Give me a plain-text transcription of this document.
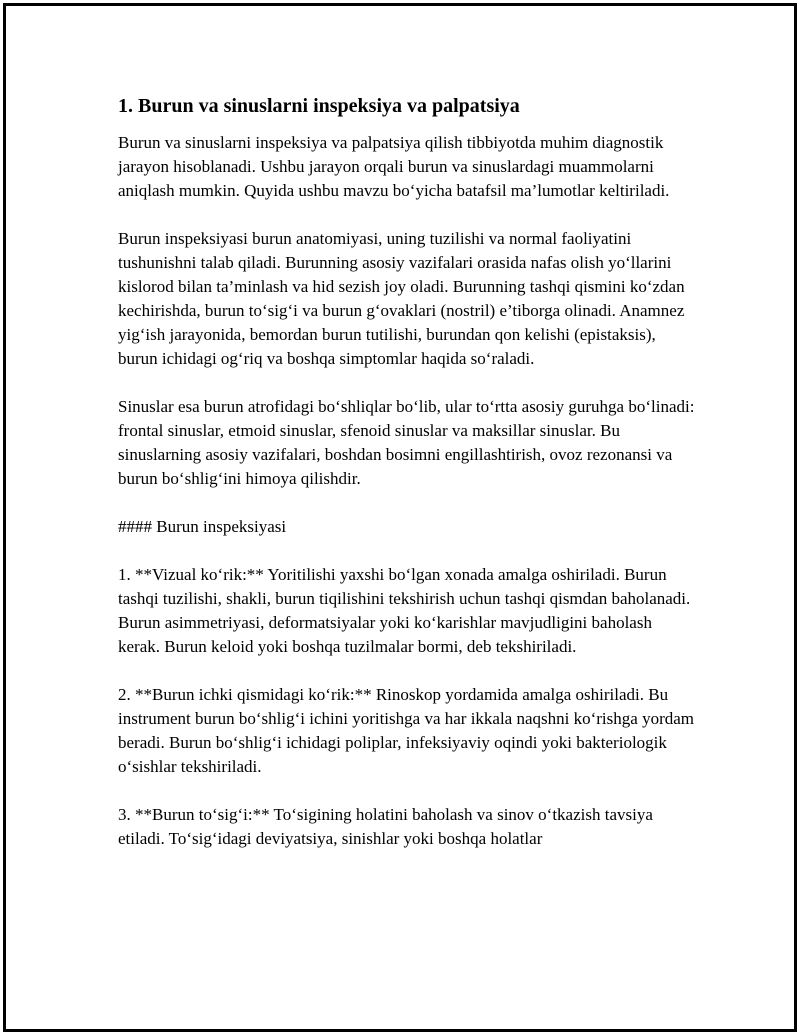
1. Burun va sinuslarni inspeksiya va palpatsiya

Burun va sinuslarni inspeksiya va palpatsiya qilish tibbiyotda muhim diagnostik jarayon hisoblanadi. Ushbu jarayon orqali burun va sinuslardagi muammolarni aniqlash mumkin. Quyida ushbu mavzu bo‘yicha batafsil ma’lumotlar keltiriladi.

Burun inspeksiyasi burun anatomiyasi, uning tuzilishi va normal faoliyatini tushunishni talab qiladi. Burunning asosiy vazifalari orasida nafas olish yo‘llarini kislorod bilan ta’minlash va hid sezish joy oladi. Burunning tashqi qismini ko‘zdan kechirishda, burun to‘sig‘i va burun g‘ovaklari (nostril) e’tiborga olinadi. Anamnez yig‘ish jarayonida, bemordan burun tutilishi, burundan qon kelishi (epistaksis), burun ichidagi og‘riq va boshqa simptomlar haqida so‘raladi.

Sinuslar esa burun atrofidagi bo‘shliqlar bo‘lib, ular to‘rtta asosiy guruhga bo‘linadi: frontal sinuslar, etmoid sinuslar, sfenoid sinuslar va maksillar sinuslar. Bu sinuslarning asosiy vazifalari, boshdan bosimni engillashtirish, ovoz rezonansi va burun bo‘shlig‘ini himoya qilishdir.

#### Burun inspeksiyasi

1. **Vizual ko‘rik:** Yoritilishi yaxshi bo‘lgan xonada amalga oshiriladi. Burun tashqi tuzilishi, shakli, burun tiqilishini tekshirish uchun tashqi qismdan baholanadi. Burun asimmetriyasi, deformatsiyalar yoki ko‘karishlar mavjudligini baholash kerak. Burun keloid yoki boshqa tuzilmalar bormi, deb tekshiriladi.

2. **Burun ichki qismidagi ko‘rik:** Rinoskop yordamida amalga oshiriladi. Bu instrument burun bo‘shlig‘i ichini yoritishga va har ikkala naqshni ko‘rishga yordam beradi. Burun bo‘shlig‘i ichidagi poliplar, infeksiyaviy oqindi yoki bakteriologik o‘sishlar tekshiriladi.

3. **Burun to‘sig‘i:** To‘sigining holatini baholash va sinov o‘tkazish tavsiya etiladi. To‘sig‘idagi deviyatsiya, sinishlar yoki boshqa holatlar
